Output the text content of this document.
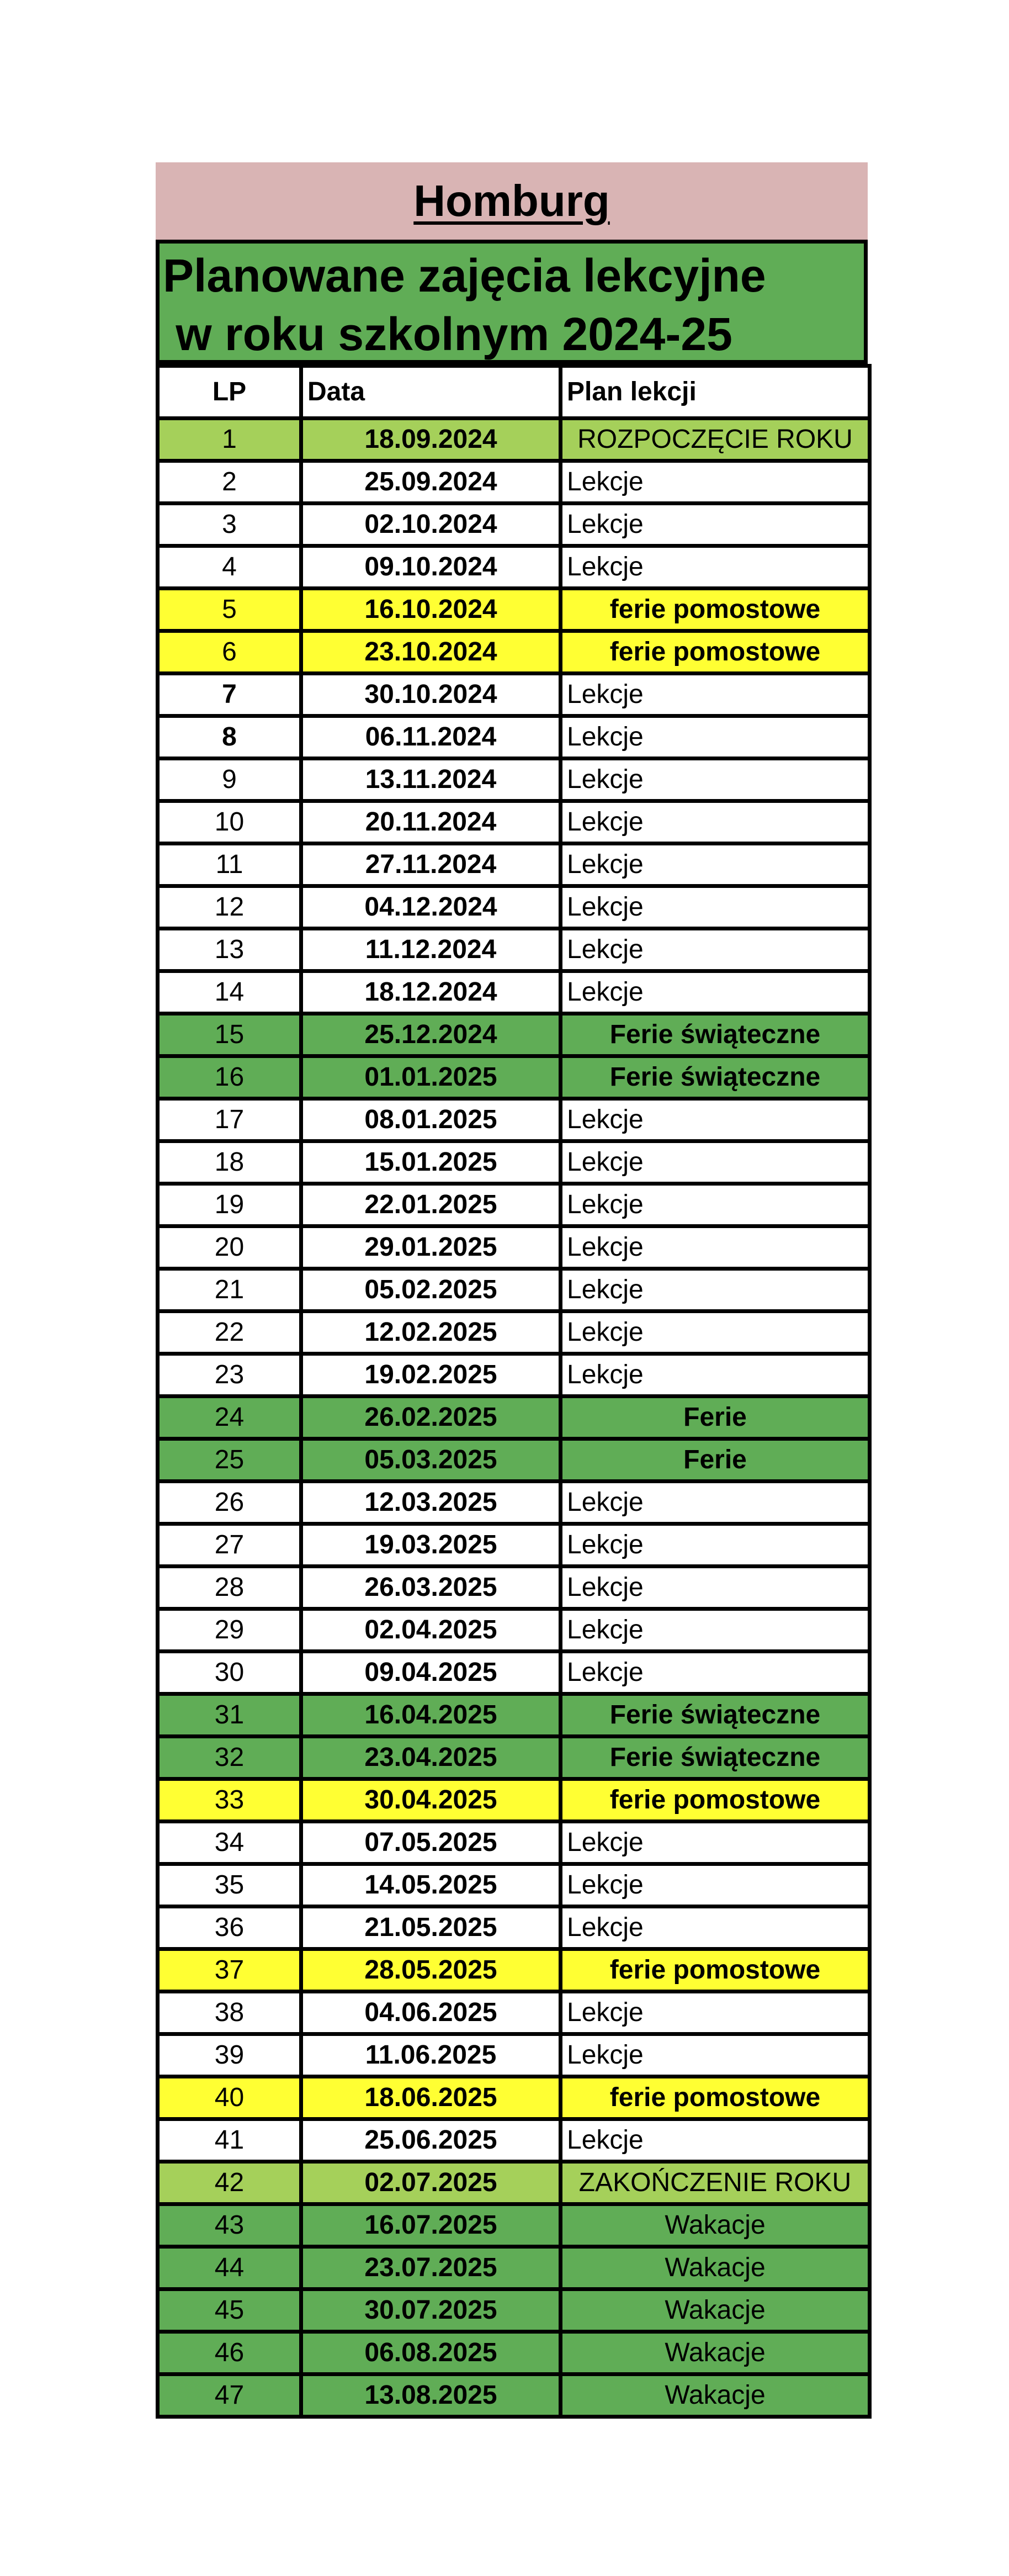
Homburg
Planowane zajęcia lekcyjne
w roku szkolnym 2024-25
LP	Data	Plan lekcji
1	18.09.2024	ROZPOCZĘCIE ROKU
2	25.09.2024	Lekcje
3	02.10.2024	Lekcje
4	09.10.2024	Lekcje
5	16.10.2024	ferie pomostowe
6	23.10.2024	ferie pomostowe
7	30.10.2024	Lekcje
8	06.11.2024	Lekcje
9	13.11.2024	Lekcje
10	20.11.2024	Lekcje
11	27.11.2024	Lekcje
12	04.12.2024	Lekcje
13	11.12.2024	Lekcje
14	18.12.2024	Lekcje
15	25.12.2024	Ferie świąteczne
16	01.01.2025	Ferie świąteczne
17	08.01.2025	Lekcje
18	15.01.2025	Lekcje
19	22.01.2025	Lekcje
20	29.01.2025	Lekcje
21	05.02.2025	Lekcje
22	12.02.2025	Lekcje
23	19.02.2025	Lekcje
24	26.02.2025	Ferie
25	05.03.2025	Ferie
26	12.03.2025	Lekcje
27	19.03.2025	Lekcje
28	26.03.2025	Lekcje
29	02.04.2025	Lekcje
30	09.04.2025	Lekcje
31	16.04.2025	Ferie świąteczne
32	23.04.2025	Ferie świąteczne
33	30.04.2025	ferie pomostowe
34	07.05.2025	Lekcje
35	14.05.2025	Lekcje
36	21.05.2025	Lekcje
37	28.05.2025	ferie pomostowe
38	04.06.2025	Lekcje
39	11.06.2025	Lekcje
40	18.06.2025	ferie pomostowe
41	25.06.2025	Lekcje
42	02.07.2025	ZAKOŃCZENIE ROKU
43	16.07.2025	Wakacje
44	23.07.2025	Wakacje
45	30.07.2025	Wakacje
46	06.08.2025	Wakacje
47	13.08.2025	Wakacje
